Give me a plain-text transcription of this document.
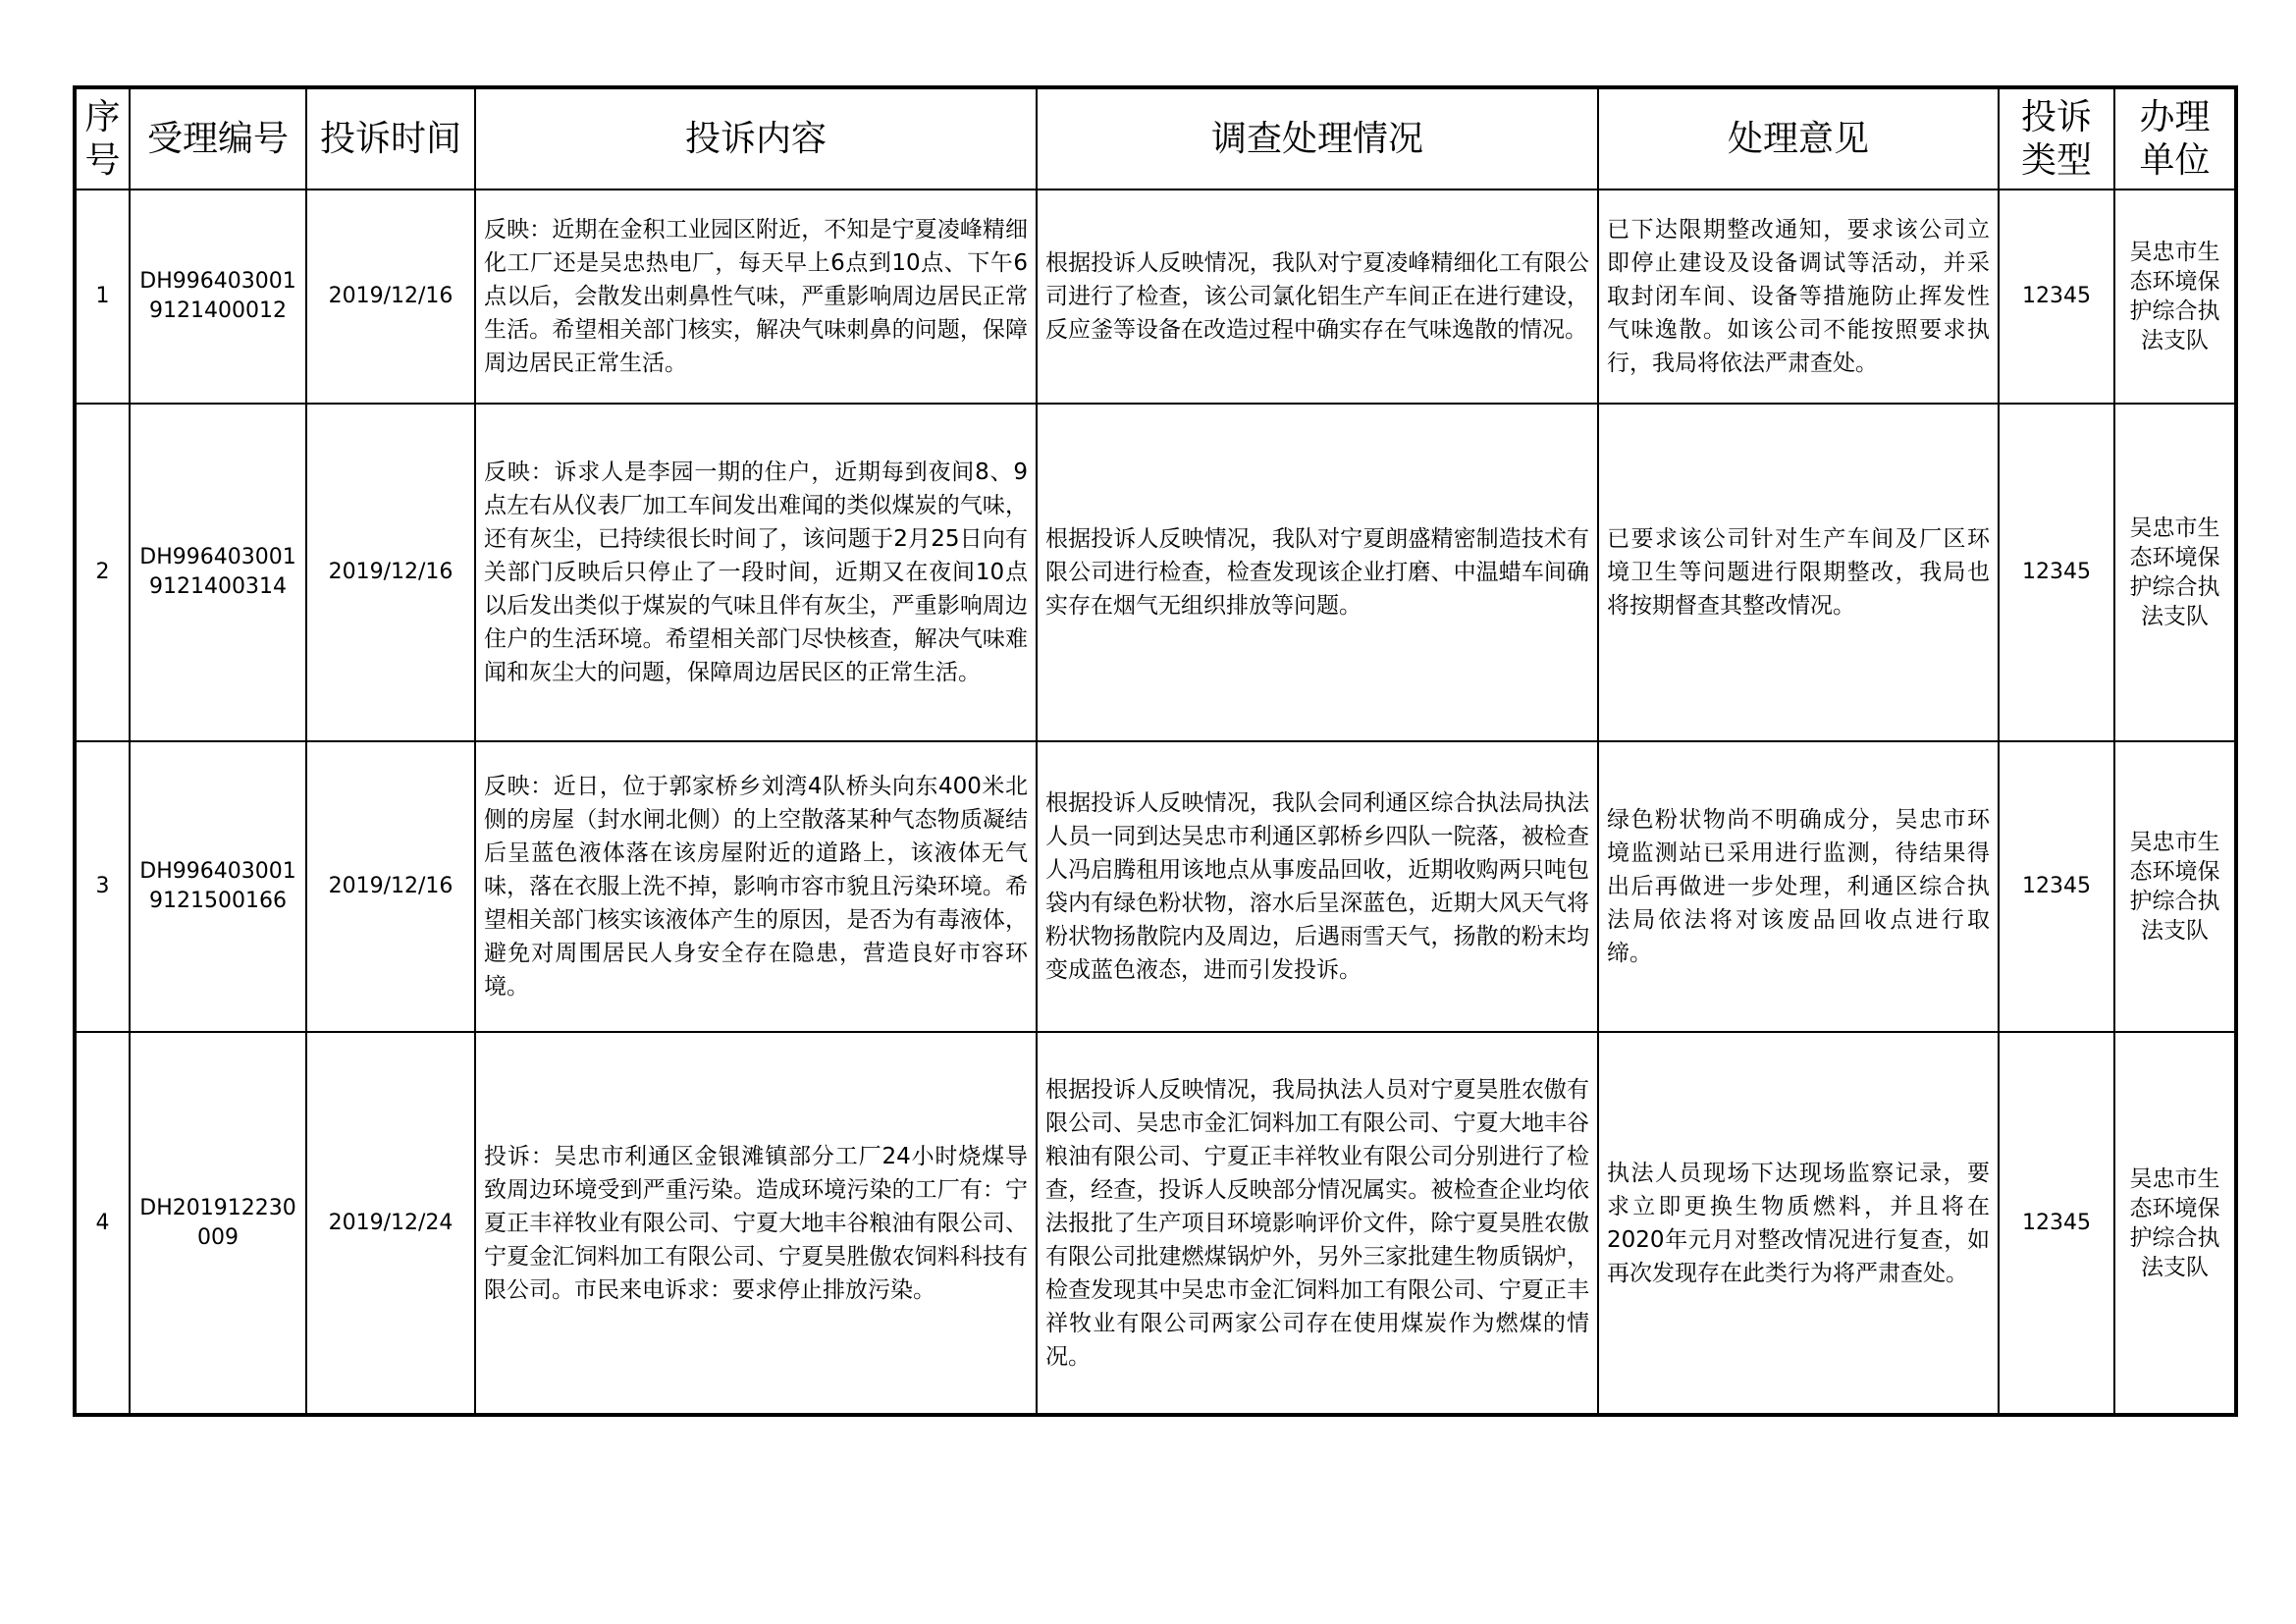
序号	受理编号	投诉时间	投诉内容	调查处理情况	处理意见	投诉类型	办理单位
1	DH9964030019121400012	2019/12/16	反映：近期在金积工业园区附近，不知是宁夏凌峰精细化工厂还是吴忠热电厂，每天早上6点到10点、下午6点以后，会散发出刺鼻性气味，严重影响周边居民正常生活。希望相关部门核实，解决气味刺鼻的问题，保障周边居民正常生活。	根据投诉人反映情况，我队对宁夏凌峰精细化工有限公司进行了检查，该公司氯化铝生产车间正在进行建设，反应釜等设备在改造过程中确实存在气味逸散的情况。	已下达限期整改通知，要求该公司立即停止建设及设备调试等活动，并采取封闭车间、设备等措施防止挥发性气味逸散。如该公司不能按照要求执行，我局将依法严肃查处。	12345	吴忠市生态环境保护综合执法支队
2	DH9964030019121400314	2019/12/16	反映：诉求人是李园一期的住户，近期每到夜间8、9点左右从仪表厂加工车间发出难闻的类似煤炭的气味，还有灰尘，已持续很长时间了，该问题于2月25日向有关部门反映后只停止了一段时间，近期又在夜间10点以后发出类似于煤炭的气味且伴有灰尘，严重影响周边住户的生活环境。希望相关部门尽快核查，解决气味难闻和灰尘大的问题，保障周边居民区的正常生活。	根据投诉人反映情况，我队对宁夏朗盛精密制造技术有限公司进行检查，检查发现该企业打磨、中温蜡车间确实存在烟气无组织排放等问题。	已要求该公司针对生产车间及厂区环境卫生等问题进行限期整改，我局也将按期督查其整改情况。	12345	吴忠市生态环境保护综合执法支队
3	DH9964030019121500166	2019/12/16	反映：近日，位于郭家桥乡刘湾4队桥头向东400米北侧的房屋（封水闸北侧）的上空散落某种气态物质凝结后呈蓝色液体落在该房屋附近的道路上，该液体无气味，落在衣服上洗不掉，影响市容市貌且污染环境。希望相关部门核实该液体产生的原因，是否为有毒液体，避免对周围居民人身安全存在隐患，营造良好市容环境。	根据投诉人反映情况，我队会同利通区综合执法局执法人员一同到达吴忠市利通区郭桥乡四队一院落，被检查人冯启腾租用该地点从事废品回收，近期收购两只吨包袋内有绿色粉状物，溶水后呈深蓝色，近期大风天气将粉状物扬散院内及周边，后遇雨雪天气，扬散的粉末均变成蓝色液态，进而引发投诉。	绿色粉状物尚不明确成分，吴忠市环境监测站已采用进行监测，待结果得出后再做进一步处理，利通区综合执法局依法将对该废品回收点进行取缔。	12345	吴忠市生态环境保护综合执法支队
4	DH201912230009	2019/12/24	投诉：吴忠市利通区金银滩镇部分工厂24小时烧煤导致周边环境受到严重污染。造成环境污染的工厂有：宁夏正丰祥牧业有限公司、宁夏大地丰谷粮油有限公司、宁夏金汇饲料加工有限公司、宁夏昊胜傲农饲料科技有限公司。市民来电诉求：要求停止排放污染。	根据投诉人反映情况，我局执法人员对宁夏昊胜农傲有限公司、吴忠市金汇饲料加工有限公司、宁夏大地丰谷粮油有限公司、宁夏正丰祥牧业有限公司分别进行了检查，经查，投诉人反映部分情况属实。被检查企业均依法报批了生产项目环境影响评价文件，除宁夏昊胜农傲有限公司批建燃煤锅炉外，另外三家批建生物质锅炉，检查发现其中吴忠市金汇饲料加工有限公司、宁夏正丰祥牧业有限公司两家公司存在使用煤炭作为燃煤的情况。	执法人员现场下达现场监察记录，要求立即更换生物质燃料，并且将在2020年元月对整改情况进行复查，如再次发现存在此类行为将严肃查处。	12345	吴忠市生态环境保护综合执法支队
